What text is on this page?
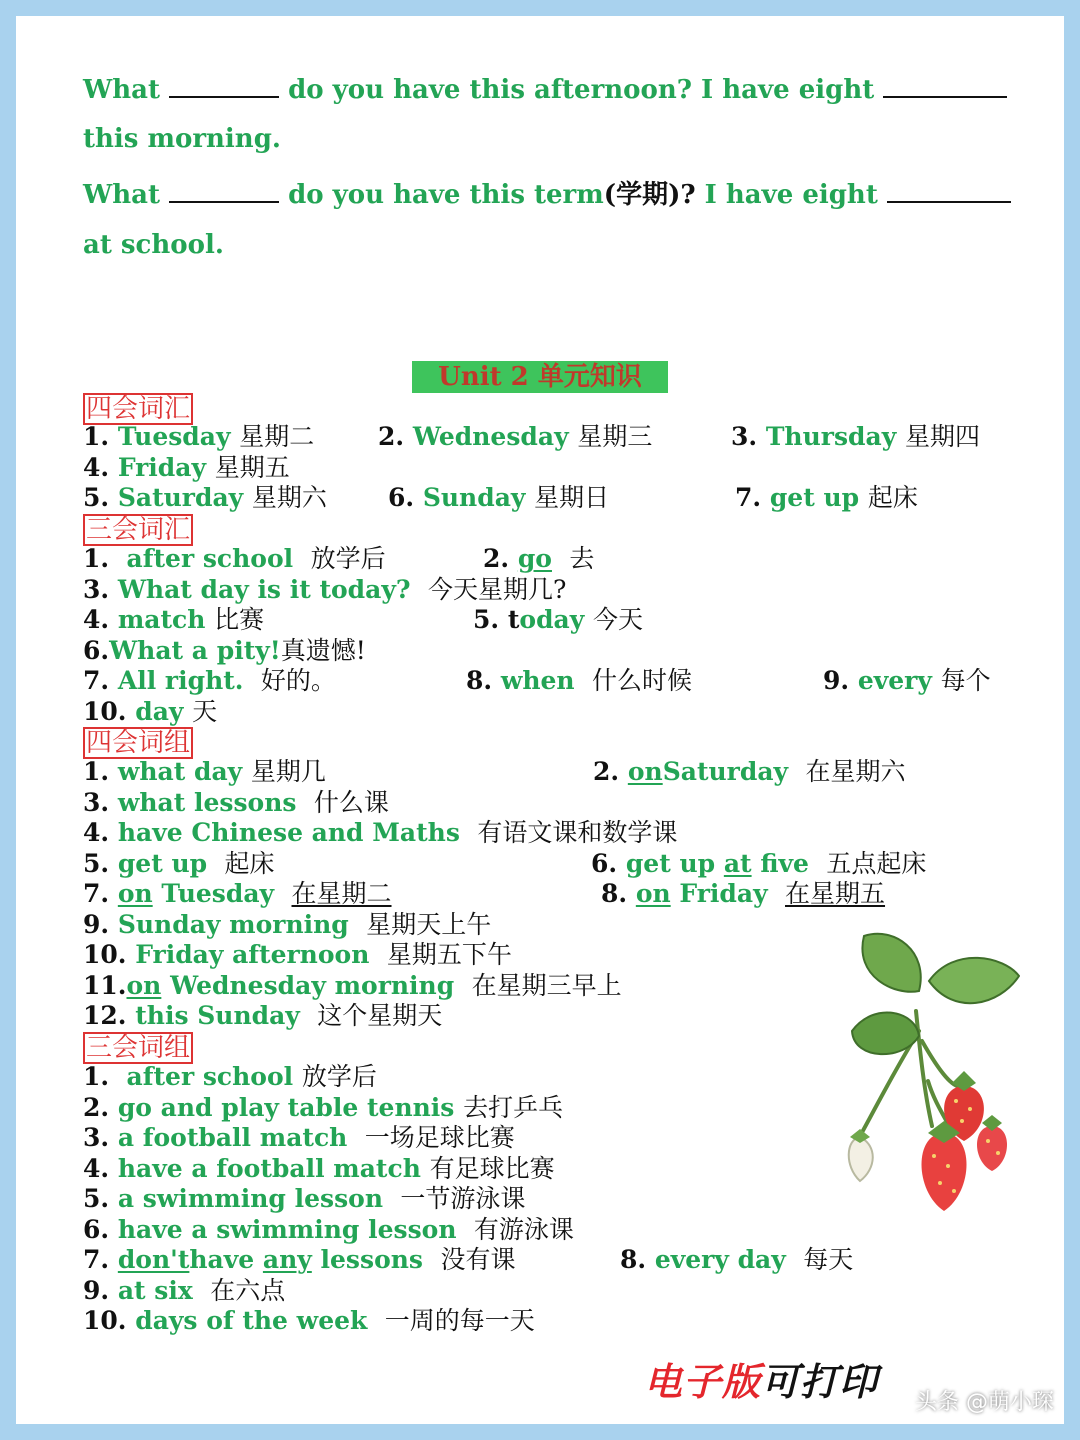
What	do you have this afternoon? I have eight
this morning.
What	do you have this term(学期)? I have eight
at school.
Unit 2 单元知识
四会词汇
1. Tuesday 星期二	2. Wednesday 星期三	3. Thursday 星期四
4. Friday 星期五
5. Saturday 星期六 6. Sunday 星期日	7. get up 起床
三会词汇
1. after school 放学后	2. go 去
3. What day is it today? 今天星期几?
4. match 比赛	5. today 今天
6.What a pity!真遗憾!
7. All right. 好的。	8. when 什么时候	9. every 每个
10. day 天
四会词组
1. what day 星期几	2. onSaturday 在星期六
3. what lessons 什么课
4. have Chinese and Maths 有语文课和数学课
5. get up 起床	6. get up at five 五点起床
7. on Tuesday 在星期二	8. on Friday 在星期五
9. Sunday morning 星期天上午
10. Friday afternoon 星期五下午
11.on Wednesday morning 在星期三早上
12. this Sunday 这个星期天
三会词组
1. after school 放学后
2. go and play table tennis 去打乒乓
3. a football match 一场足球比赛
4. have a football match 有足球比赛
5. a swimming lesson 一节游泳课
6. have a swimming lesson 有游泳课
7. don'thave any lessons 没有课	8. every day 每天
9. at six 在六点
10. days of the week 一周的每一天
电子版可打印 头条 @萌小琛
